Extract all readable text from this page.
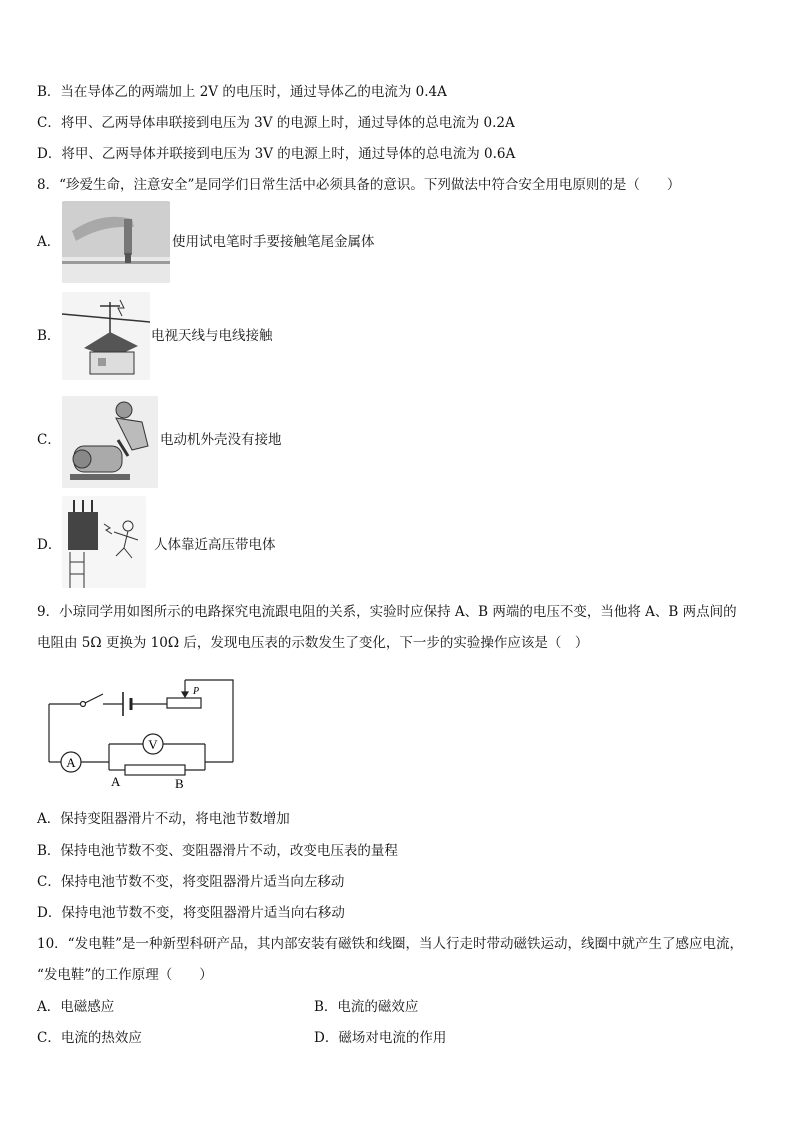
B．当在导体乙的两端加上 2V 的电压时，通过导体乙的电流为 0.4A
C．将甲、乙两导体串联接到电压为 3V 的电源上时，通过导体的总电流为 0.2A
D．将甲、乙两导体并联接到电压为 3V 的电源上时，通过导体的总电流为 0.6A
8．“珍爱生命，注意安全”是同学们日常生活中必须具备的意识。下列做法中符合安全用电原则的是（　　）
A．	使用试电笔时手要接触笔尾金属体
B．	电视天线与电线接触
C．	电动机外壳没有接地
D．	人体靠近高压带电体
9．小琼同学用如图所示的电路探究电流跟电阻的关系，实验时应保持 A、B 两端的电压不变，当他将 A、B 两点间的
电阻由 5Ω 更换为 10Ω 后，发现电压表的示数发生了变化，下一步的实验操作应该是（　）
A
V
P
A	B
A．保持变阻器滑片不动，将电池节数增加
B．保持电池节数不变、变阻器滑片不动，改变电压表的量程
C．保持电池节数不变，将变阻器滑片适当向左移动
D．保持电池节数不变，将变阻器滑片适当向右移动
10．“发电鞋”是一种新型科研产品，其内部安装有磁铁和线圈，当人行走时带动磁铁运动，线圈中就产生了感应电流，
“发电鞋”的工作原理（　　）
A．电磁感应	B．电流的磁效应
C．电流的热效应	D．磁场对电流的作用
